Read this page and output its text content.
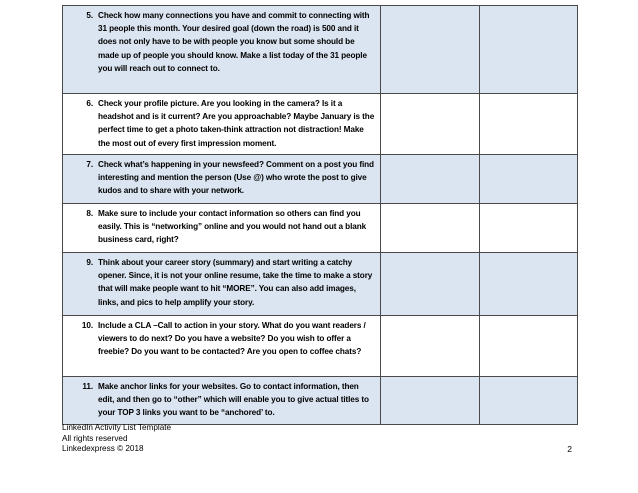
5. Check how many connections you have and commit to connecting with 31 people this month. Your desired goal (down the road) is 500 and it does not only have to be with people you know but some should be made up of people you should know. Make a list today of the 31 people you will reach out to connect to.		

6. Check your profile picture. Are you looking in the camera? Is it a headshot and is it current? Are you approachable? Maybe January is the perfect time to get a photo taken-think attraction not distraction! Make the most out of every first impression moment.		

7. Check what’s happening in your newsfeed? Comment on a post you find interesting and mention the person (Use @) who wrote the post to give kudos and to share with your network.		

8. Make sure to include your contact information so others can find you easily. This is “networking” online and you would not hand out a blank business card, right?		

9. Think about your career story (summary) and start writing a catchy opener. Since, it is not your online resume, take the time to make a story that will make people want to hit “MORE”. You can also add images, links, and pics to help amplify your story.		

10. Include a CLA –Call to action in your story. What do you want readers / viewers to do next? Do you have a website? Do you wish to offer a freebie? Do you want to be contacted? Are you open to coffee chats?		

11. Make anchor links for your websites. Go to contact information, then edit, and then go to “other” which will enable you to give actual titles to your TOP 3 links you want to be “anchored’ to.		

LinkedIn Activity List Template
All rights reserved
Linkedexpress © 2018	2
